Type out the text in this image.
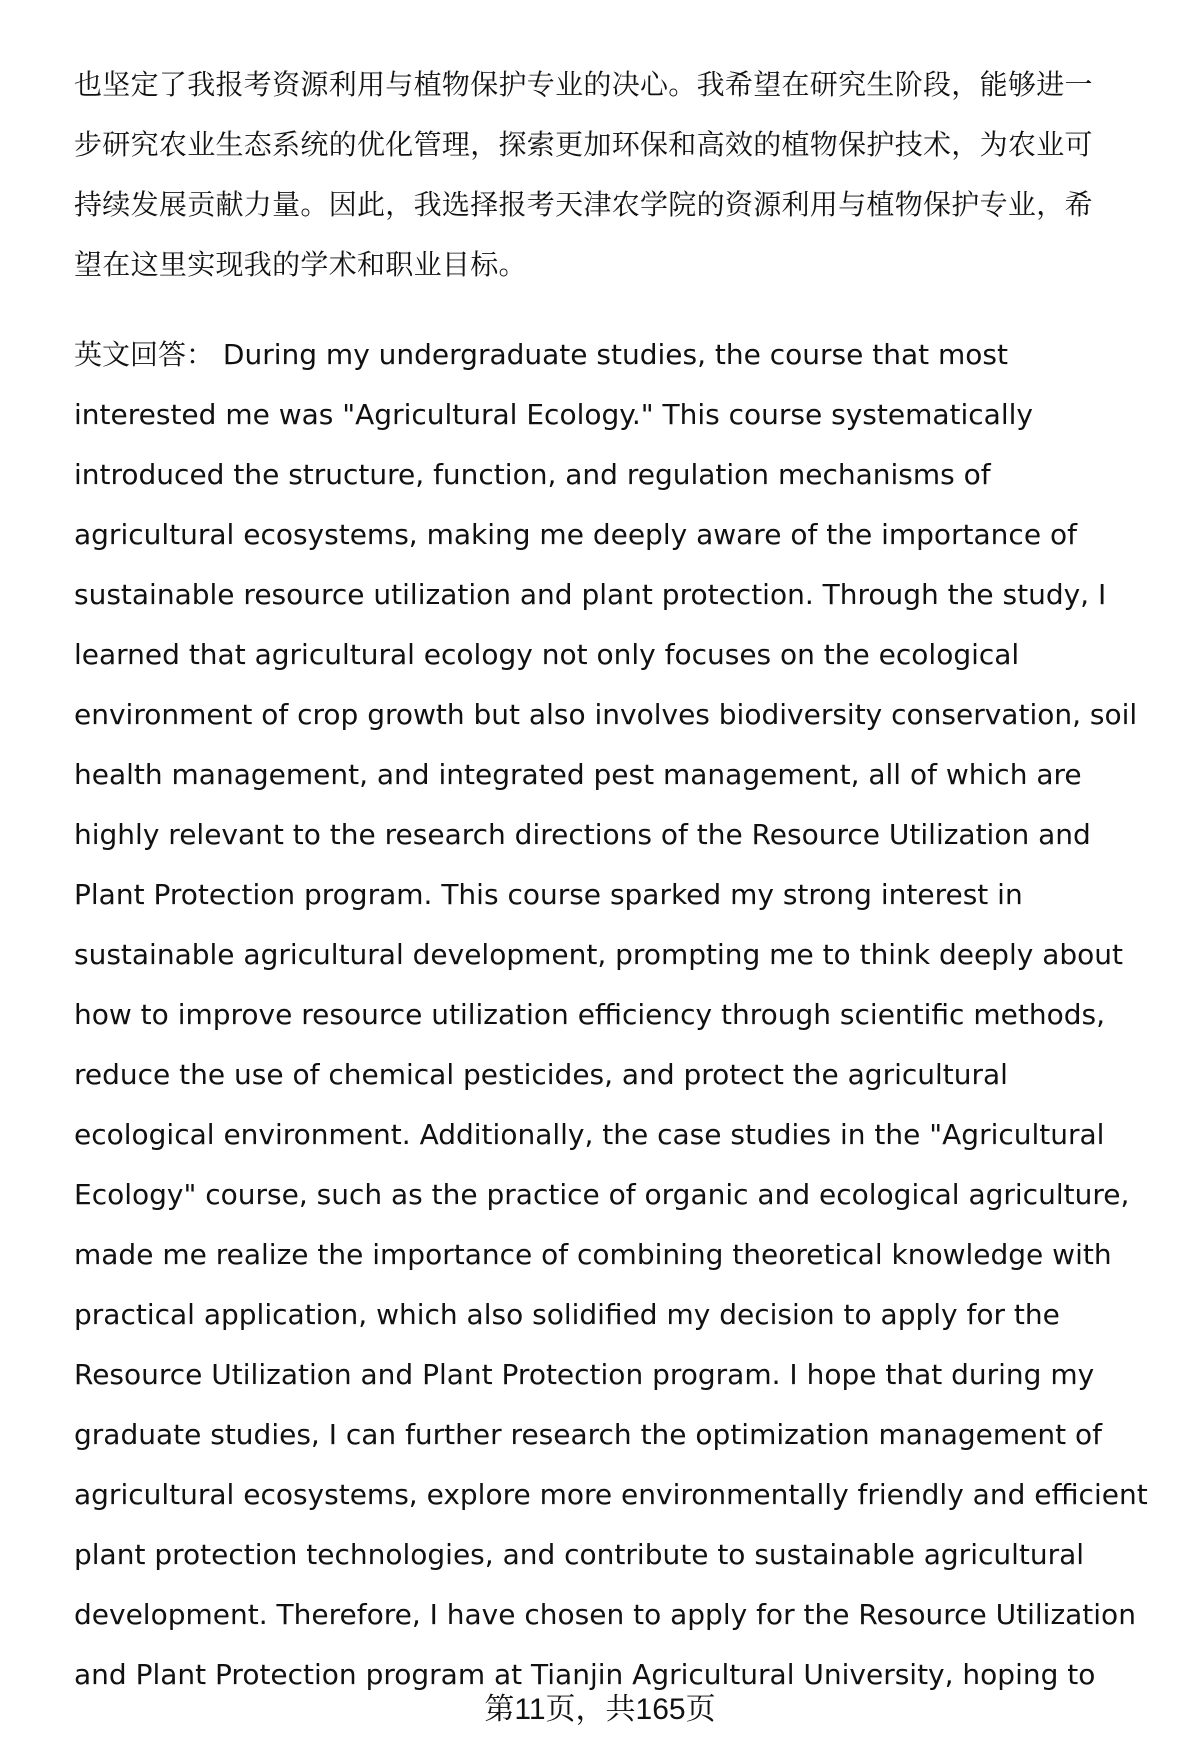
也坚定了我报考资源利用与植物保护专业的决心。我希望在研究生阶段，能够进一
步研究农业生态系统的优化管理，探索更加环保和高效的植物保护技术，为农业可
持续发展贡献力量。因此，我选择报考天津农学院的资源利用与植物保护专业，希
望在这里实现我的学术和职业目标。
英文回答： During my undergraduate studies, the course that most
interested me was "Agricultural Ecology." This course systematically
introduced the structure, function, and regulation mechanisms of
agricultural ecosystems, making me deeply aware of the importance of
sustainable resource utilization and plant protection. Through the study, I
learned that agricultural ecology not only focuses on the ecological
environment of crop growth but also involves biodiversity conservation, soil
health management, and integrated pest management, all of which are
highly relevant to the research directions of the Resource Utilization and
Plant Protection program. This course sparked my strong interest in
sustainable agricultural development, prompting me to think deeply about
how to improve resource utilization efficiency through scientific methods,
reduce the use of chemical pesticides, and protect the agricultural
ecological environment. Additionally, the case studies in the "Agricultural
Ecology" course, such as the practice of organic and ecological agriculture,
made me realize the importance of combining theoretical knowledge with
practical application, which also solidified my decision to apply for the
Resource Utilization and Plant Protection program. I hope that during my
graduate studies, I can further research the optimization management of
agricultural ecosystems, explore more environmentally friendly and efficient
plant protection technologies, and contribute to sustainable agricultural
development. Therefore, I have chosen to apply for the Resource Utilization
and Plant Protection program at Tianjin Agricultural University, hoping to
第11页，共165页
